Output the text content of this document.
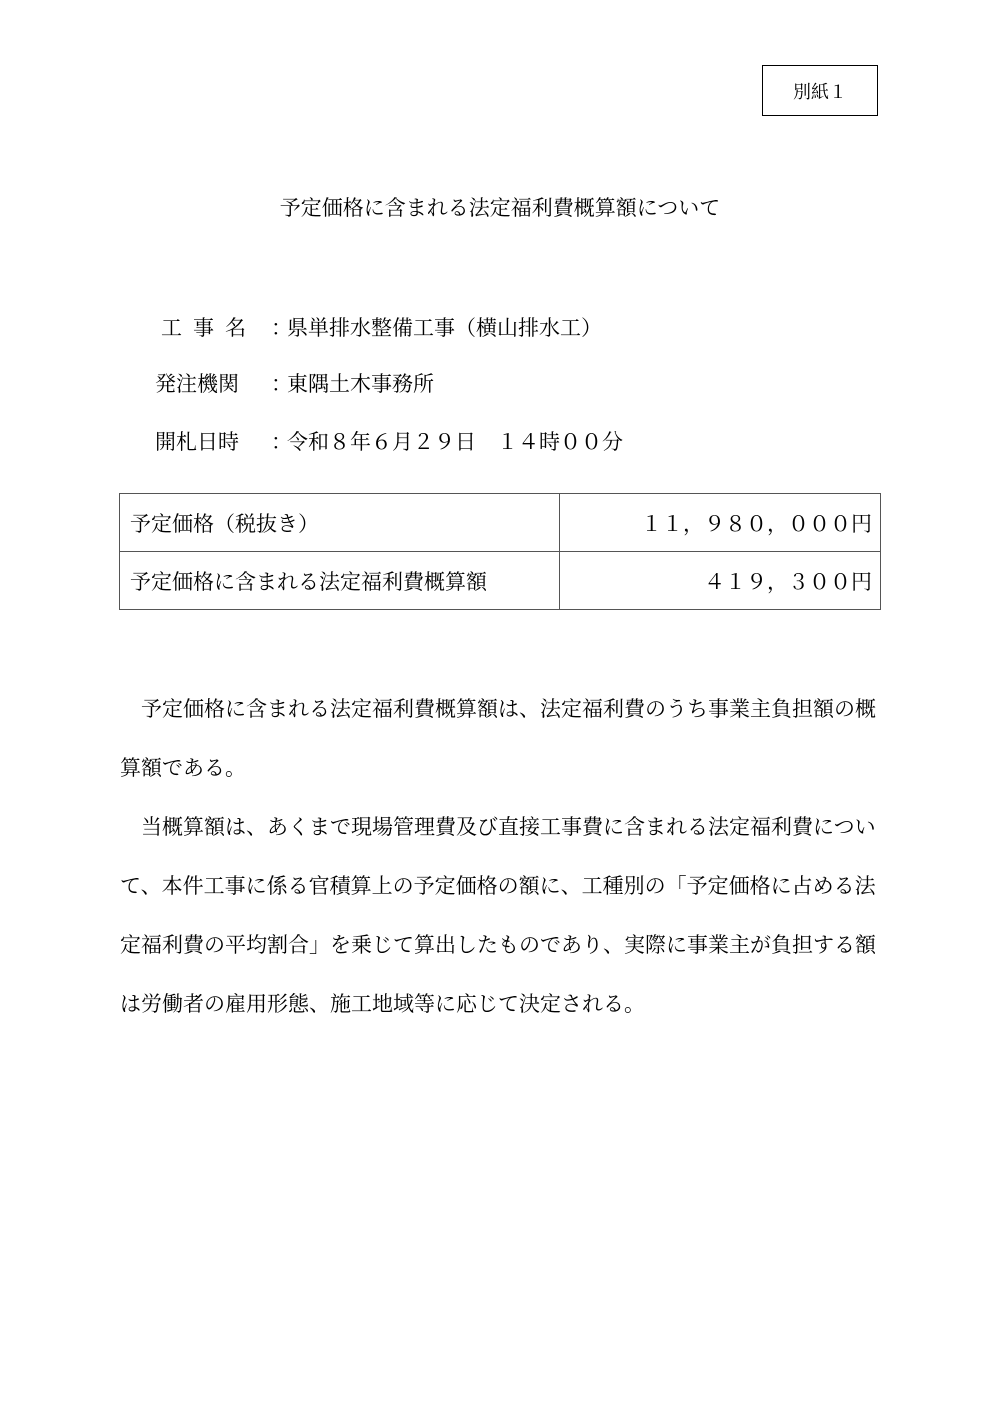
別紙１
予定価格に含まれる法定福利費概算額について
工事名 ：県単排水整備工事（横山排水工）
発注機関 ：東隅土木事務所
開札日時 ：令和８年６月２９日　１４時００分
予定価格（税抜き）	１１，９８０，０００円
予定価格に含まれる法定福利費概算額	４１９，３００円

予定価格に含まれる法定福利費概算額は、法定福利費のうち事業主負担額の概算額である。

当概算額は、あくまで現場管理費及び直接工事費に含まれる法定福利費について、本件工事に係る官積算上の予定価格の額に、工種別の「予定価格に占める法定福利費の平均割合」を乗じて算出したものであり、実際に事業主が負担する額は労働者の雇用形態、施工地域等に応じて決定される。
